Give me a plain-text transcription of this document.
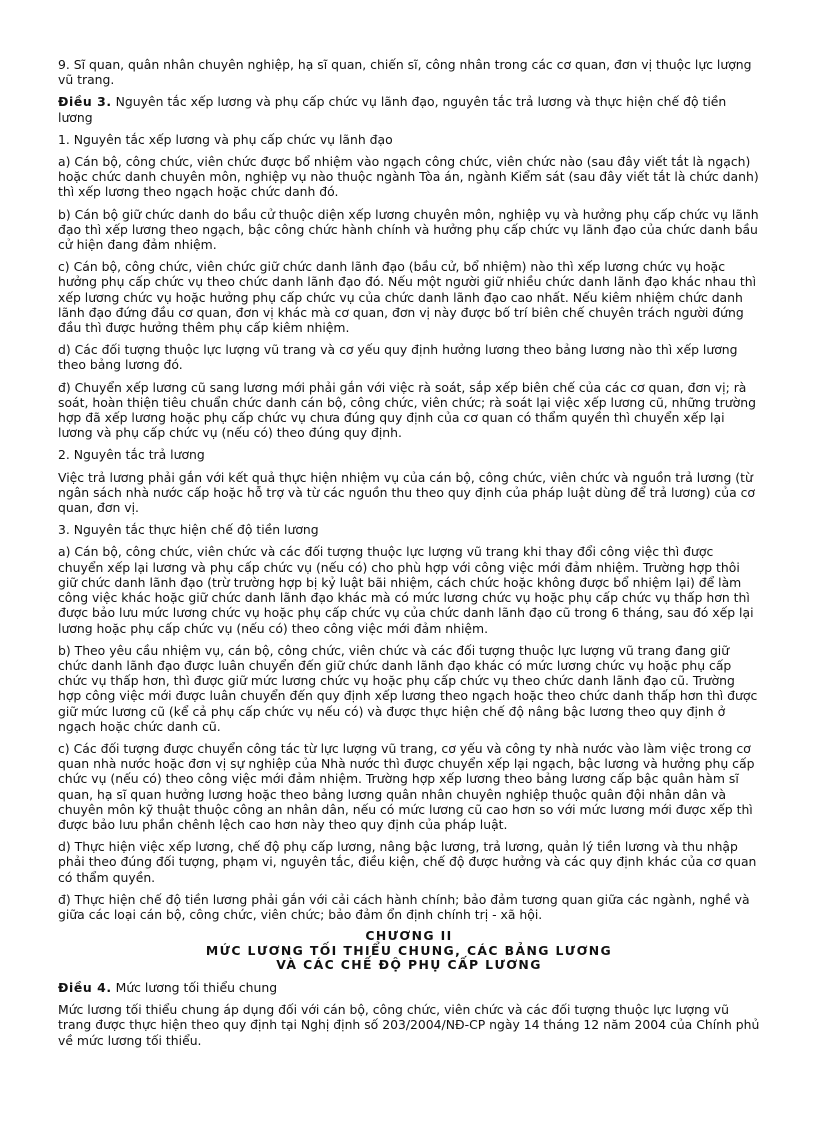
9. Sĩ quan, quân nhân chuyên nghiệp, hạ sĩ quan, chiến sĩ, công nhân trong các cơ quan, đơn vị thuộc lực lượng vũ trang.

Điều 3. Nguyên tắc xếp lương và phụ cấp chức vụ lãnh đạo, nguyên tắc trả lương và thực hiện chế độ tiền lương

1. Nguyên tắc xếp lương và phụ cấp chức vụ lãnh đạo

a) Cán bộ, công chức, viên chức được bổ nhiệm vào ngạch công chức, viên chức nào (sau đây viết tắt là ngạch) hoặc chức danh chuyên môn, nghiệp vụ nào thuộc ngành Tòa án, ngành Kiểm sát (sau đây viết tắt là chức danh) thì xếp lương theo ngạch hoặc chức danh đó.

b) Cán bộ giữ chức danh do bầu cử thuộc diện xếp lương chuyên môn, nghiệp vụ và hưởng phụ cấp chức vụ lãnh đạo thì xếp lương theo ngạch, bậc công chức hành chính và hưởng phụ cấp chức vụ lãnh đạo của chức danh bầu cử hiện đang đảm nhiệm.

c) Cán bộ, công chức, viên chức giữ chức danh lãnh đạo (bầu cử, bổ nhiệm) nào thì xếp lương chức vụ hoặc hưởng phụ cấp chức vụ theo chức danh lãnh đạo đó. Nếu một người giữ nhiều chức danh lãnh đạo khác nhau thì xếp lương chức vụ hoặc hưởng phụ cấp chức vụ của chức danh lãnh đạo cao nhất. Nếu kiêm nhiệm chức danh lãnh đạo đứng đầu cơ quan, đơn vị khác mà cơ quan, đơn vị này được bố trí biên chế chuyên trách người đứng đầu thì được hưởng thêm phụ cấp kiêm nhiệm.

d) Các đối tượng thuộc lực lượng vũ trang và cơ yếu quy định hưởng lương theo bảng lương nào thì xếp lương theo bảng lương đó.

đ) Chuyển xếp lương cũ sang lương mới phải gắn với việc rà soát, sắp xếp biên chế của các cơ quan, đơn vị; rà soát, hoàn thiện tiêu chuẩn chức danh cán bộ, công chức, viên chức; rà soát lại việc xếp lương cũ, những trường hợp đã xếp lương hoặc phụ cấp chức vụ chưa đúng quy định của cơ quan có thẩm quyền thì chuyển xếp lại lương và phụ cấp chức vụ (nếu có) theo đúng quy định.

2. Nguyên tắc trả lương

Việc trả lương phải gắn với kết quả thực hiện nhiệm vụ của cán bộ, công chức, viên chức và nguồn trả lương (từ ngân sách nhà nước cấp hoặc hỗ trợ và từ các nguồn thu theo quy định của pháp luật dùng để trả lương) của cơ quan, đơn vị.

3. Nguyên tắc thực hiện chế độ tiền lương

a) Cán bộ, công chức, viên chức và các đối tượng thuộc lực lượng vũ trang khi thay đổi công việc thì được chuyển xếp lại lương và phụ cấp chức vụ (nếu có) cho phù hợp với công việc mới đảm nhiệm. Trường hợp thôi giữ chức danh lãnh đạo (trừ trường hợp bị kỷ luật bãi nhiệm, cách chức hoặc không được bổ nhiệm lại) để làm công việc khác hoặc giữ chức danh lãnh đạo khác mà có mức lương chức vụ hoặc phụ cấp chức vụ thấp hơn thì được bảo lưu mức lương chức vụ hoặc phụ cấp chức vụ của chức danh lãnh đạo cũ trong 6 tháng, sau đó xếp lại lương hoặc phụ cấp chức vụ (nếu có) theo công việc mới đảm nhiệm.

b) Theo yêu cầu nhiệm vụ, cán bộ, công chức, viên chức và các đối tượng thuộc lực lượng vũ trang đang giữ chức danh lãnh đạo được luân chuyển đến giữ chức danh lãnh đạo khác có mức lương chức vụ hoặc phụ cấp chức vụ thấp hơn, thì được giữ mức lương chức vụ hoặc phụ cấp chức vụ theo chức danh lãnh đạo cũ. Trường hợp công việc mới được luân chuyển đến quy định xếp lương theo ngạch hoặc theo chức danh thấp hơn thì được giữ mức lương cũ (kể cả phụ cấp chức vụ nếu có) và được thực hiện chế độ nâng bậc lương theo quy định ở ngạch hoặc chức danh cũ.

c) Các đối tượng được chuyển công tác từ lực lượng vũ trang, cơ yếu và công ty nhà nước vào làm việc trong cơ quan nhà nước hoặc đơn vị sự nghiệp của Nhà nước thì được chuyển xếp lại ngạch, bậc lương và hưởng phụ cấp chức vụ (nếu có) theo công việc mới đảm nhiệm. Trường hợp xếp lương theo bảng lương cấp bậc quân hàm sĩ quan, hạ sĩ quan hưởng lương hoặc theo bảng lương quân nhân chuyên nghiệp thuộc quân đội nhân dân và chuyên môn kỹ thuật thuộc công an nhân dân, nếu có mức lương cũ cao hơn so với mức lương mới được xếp thì được bảo lưu phần chênh lệch cao hơn này theo quy định của pháp luật.

d) Thực hiện việc xếp lương, chế độ phụ cấp lương, nâng bậc lương, trả lương, quản lý tiền lương và thu nhập phải theo đúng đối tượng, phạm vi, nguyên tắc, điều kiện, chế độ được hưởng và các quy định khác của cơ quan có thẩm quyền.

đ) Thực hiện chế độ tiền lương phải gắn với cải cách hành chính; bảo đảm tương quan giữa các ngành, nghề và giữa các loại cán bộ, công chức, viên chức; bảo đảm ổn định chính trị - xã hội.

CHƯƠNG II
MỨC LƯƠNG TỐI THIỂU CHUNG, CÁC BẢNG LƯƠNG
VÀ CÁC CHẾ ĐỘ PHỤ CẤP LƯƠNG

Điều 4. Mức lương tối thiểu chung

Mức lương tối thiểu chung áp dụng đối với cán bộ, công chức, viên chức và các đối tượng thuộc lực lượng vũ trang được thực hiện theo quy định tại Nghị định số 203/2004/NĐ-CP ngày 14 tháng 12 năm 2004 của Chính phủ về mức lương tối thiểu.
